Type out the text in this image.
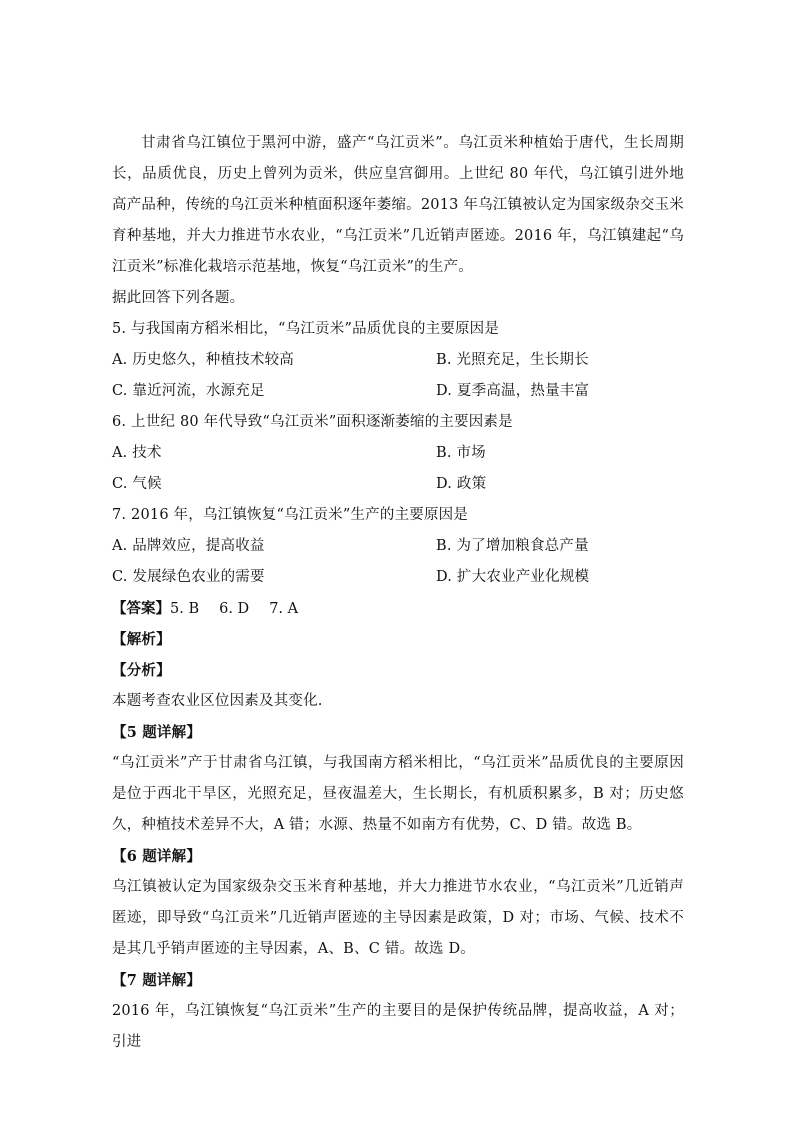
甘肃省乌江镇位于黑河中游，盛产“乌江贡米”。乌江贡米种植始于唐代，生长周期长，品质优良，历史上曾列为贡米，供应皇宫御用。上世纪 80 年代，乌江镇引进外地高产品种，传统的乌江贡米种植面积逐年萎缩。2013 年乌江镇被认定为国家级杂交玉米育种基地，并大力推进节水农业，“乌江贡米”几近销声匿迹。2016 年，乌江镇建起“乌江贡米”标准化栽培示范基地，恢复“乌江贡米”的生产。

据此回答下列各题。

5. 与我国南方稻米相比，“乌江贡米”品质优良的主要原因是

A. 历史悠久，种植技术较高	B. 光照充足，生长期长
C. 靠近河流，水源充足	D. 夏季高温，热量丰富

6. 上世纪 80 年代导致“乌江贡米”面积逐渐萎缩的主要因素是

A. 技术	B. 市场
C. 气候	D. 政策

7. 2016 年，乌江镇恢复“乌江贡米”生产的主要原因是

A. 品牌效应，提高收益	B. 为了增加粮食总产量
C. 发展绿色农业的需要	D. 扩大农业产业化规模
【答案】5. B 6. D 7. A

【解析】

【分析】

本题考查农业区位因素及其变化.

【5 题详解】

“乌江贡米”产于甘肃省乌江镇，与我国南方稻米相比，“乌江贡米”品质优良的主要原因是位于西北干旱区，光照充足，昼夜温差大，生长期长，有机质积累多，B 对；历史悠久，种植技术差异不大，A 错；水源、热量不如南方有优势，C、D 错。故选 B。

【6 题详解】

乌江镇被认定为国家级杂交玉米育种基地，并大力推进节水农业，“乌江贡米”几近销声匿迹，即导致“乌江贡米”几近销声匿迹的主导因素是政策，D 对；市场、气候、技术不是其几乎销声匿迹的主导因素，A、B、C 错。故选 D。

【7 题详解】

2016 年，乌江镇恢复“乌江贡米”生产的主要目的是保护传统品牌，提高收益，A 对；引进
